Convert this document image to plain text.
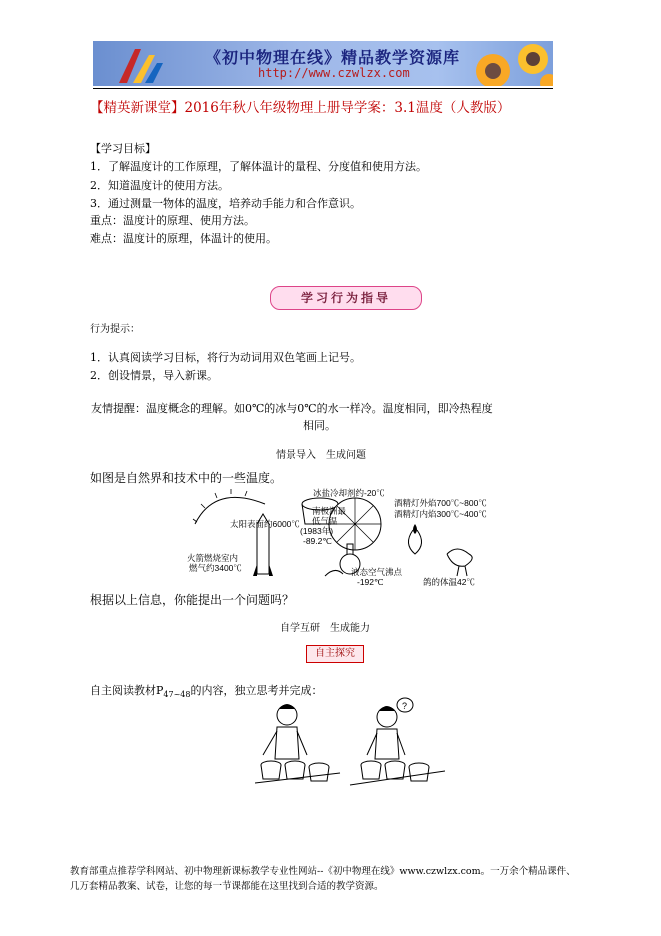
《初中物理在线》精品教学资源库
http://www.czwlzx.com
【精英新课堂】2016年秋八年级物理上册导学案：3.1温度（人教版）
【学习目标】
1．了解温度计的工作原理，了解体温计的量程、分度值和使用方法。
2．知道温度计的使用方法。
3．通过测量一物体的温度，培养动手能力和合作意识。
重点：温度计的原理、使用方法。
难点：温度计的原理，体温计的使用。
学习行为指导
行为提示：
1．认真阅读学习目标，将行为动词用双色笔画上记号。
2．创设情景，导入新课。
友情提醒：温度概念的理解。如0℃的冰与0℃的水一样冷。温度相同，即冷热程度
相同。
情景导入　生成问题
如图是自然界和技术中的一些温度。
冰盐冷却剂约-20℃
太阳表面约6000℃
南极洲最
低气温
(1983年)
-89.2℃
酒精灯外焰700℃~800℃
酒精灯内焰300℃~400℃
火箭燃烧室内
燃气约3400℃	液态空气沸点
-192℃	鸽的体温42℃
根据以上信息，你能提出一个问题吗？
自学互研　生成能力
自主探究
自主阅读教材$P_{47\sim 48}$的内容，独立思考并完成：
?
教育部重点推荐学科网站、初中物理新课标教学专业性网站--《初中物理在线》www.czwlzx.com。一万余个精品课件、
几万套精品教案、试卷，让您的每一节课都能在这里找到合适的教学资源。
